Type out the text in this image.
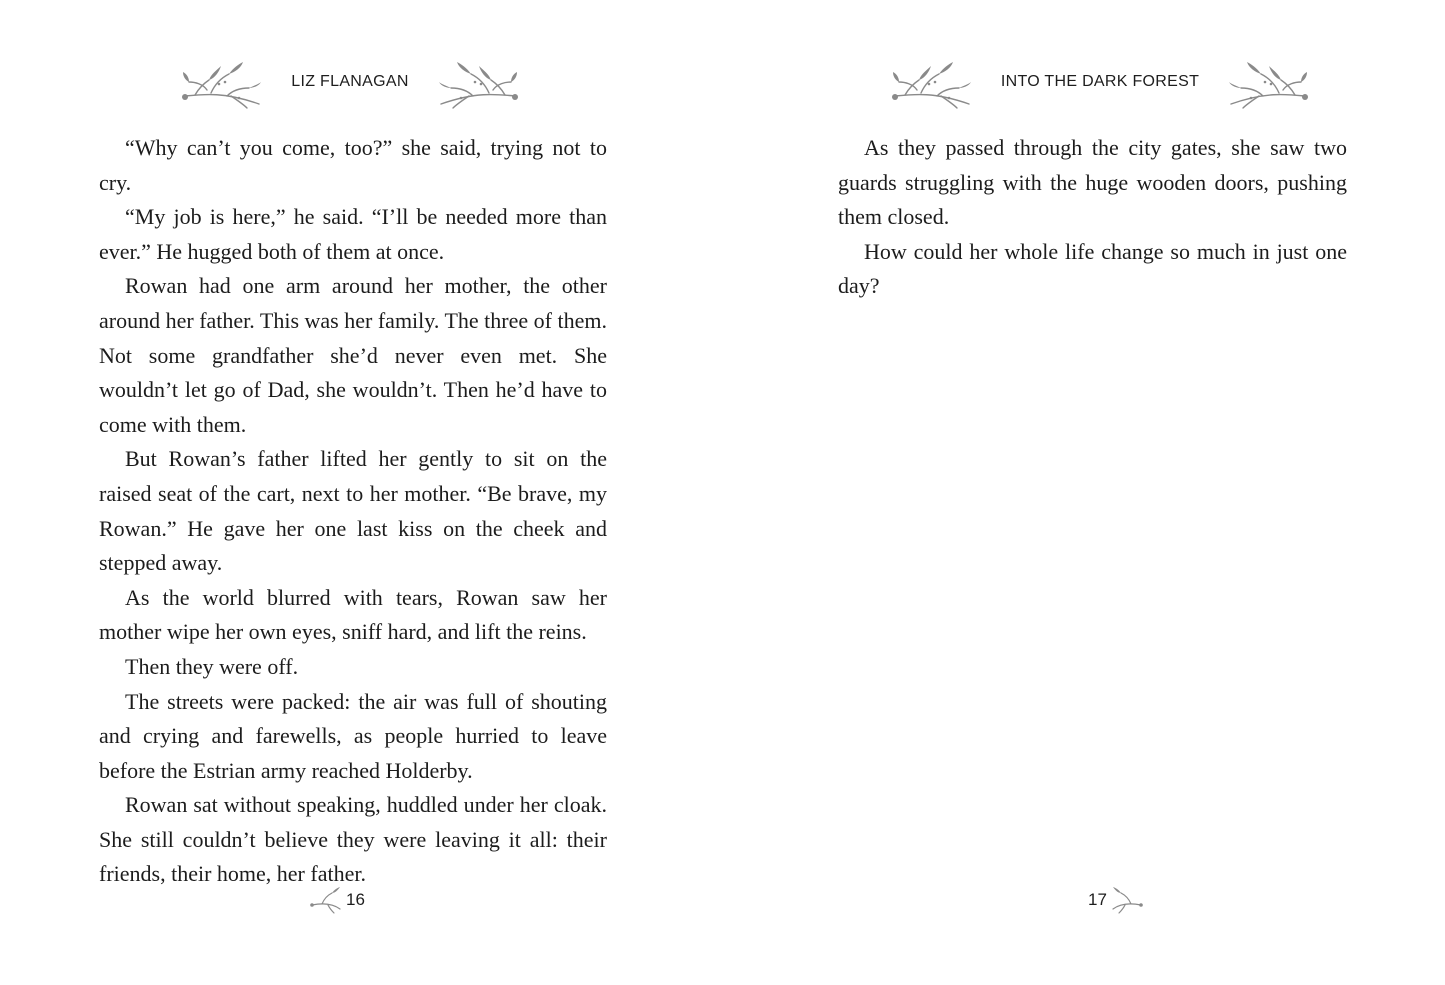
LIZ FLANAGAN

“Why can’t you come, too?” she said, trying not to cry.

“My job is here,” he said. “I’ll be needed more than ever.” He hugged both of them at once.

Rowan had one arm around her mother, the other around her father. This was her family. The three of them. Not some grandfather she’d never even met. She wouldn’t let go of Dad, she wouldn’t. Then he’d have to come with them.

But Rowan’s father lifted her gently to sit on the raised seat of the cart, next to her mother. “Be brave, my Rowan.” He gave her one last kiss on the cheek and stepped away.

As the world blurred with tears, Rowan saw her mother wipe her own eyes, sniff hard, and lift the reins.

Then they were off.

The streets were packed: the air was full of shouting and crying and farewells, as people hurried to leave before the Estrian army reached Holderby.

Rowan sat without speaking, huddled under her cloak. She still couldn’t believe they were leaving it all: their friends, their home, her father.

16
INTO THE DARK FOREST

As they passed through the city gates, she saw two guards struggling with the huge wooden doors, pushing them closed.

How could her whole life change so much in just one day?

17
